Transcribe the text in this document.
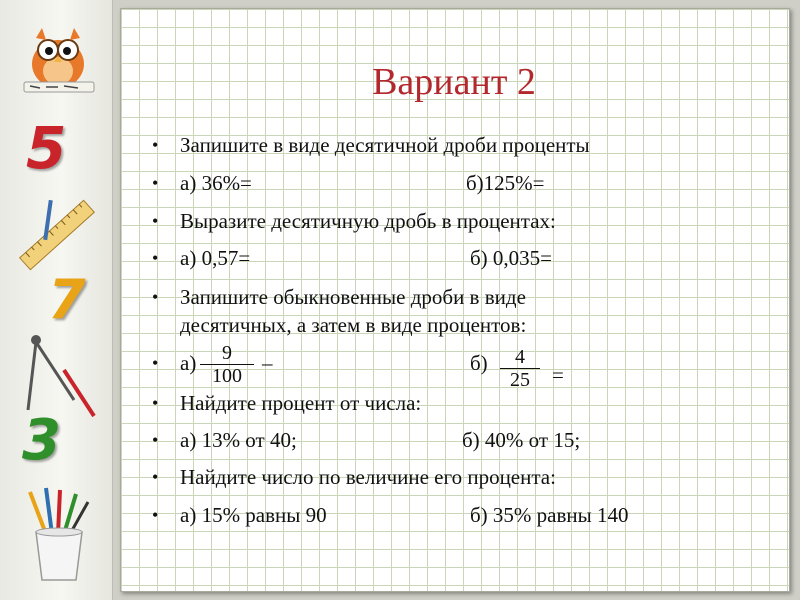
5
7
3
Вариант 2
• Запишите в виде десятичной дроби проценты
• а) 36%=	б)125%=
• Выразите десятичную дробь в процентах:
• а) 0,57=	б) 0,035=
• Запишите обыкновенные дроби в виде
десятичных, а затем в виде процентов:
• $а) \frac{9}{100}$ –	$б) \frac{4}{25}$ =
• Найдите процент от числа:
• а) 13% от 40;	б) 40% от 15;
• Найдите число по величине его процента:
• а) 15% равны 90	б) 35% равны 140
